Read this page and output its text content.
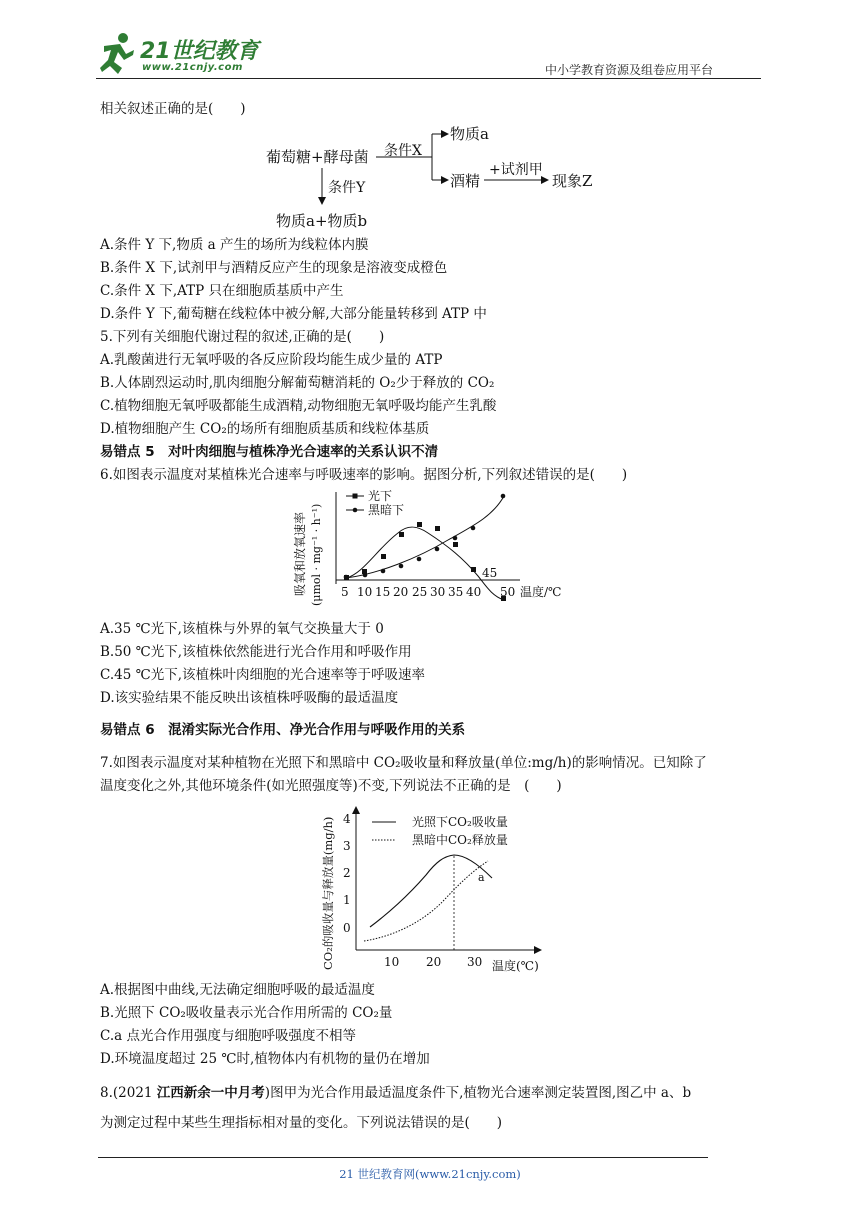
21世纪教育
www.21cnjy.com	中小学教育资源及组卷应用平台
相关叙述正确的是(　　)
葡萄糖+酵母菌 条件X
物质a
酒精
+试剂甲
现象Z
条件Y
物质a+物质b
A.条件 Y 下,物质 a 产生的场所为线粒体内膜
B.条件 X 下,试剂甲与酒精反应产生的现象是溶液变成橙色
C.条件 X 下,ATP 只在细胞质基质中产生
D.条件 Y 下,葡萄糖在线粒体中被分解,大部分能量转移到 ATP 中
5.下列有关细胞代谢过程的叙述,正确的是(　　)
A.乳酸菌进行无氧呼吸的各反应阶段均能生成少量的 ATP
B.人体剧烈运动时,肌肉细胞分解葡萄糖消耗的 O₂少于释放的 CO₂
C.植物细胞无氧呼吸都能生成酒精,动物细胞无氧呼吸均能产生乳酸
D.植物细胞产生 CO₂的场所有细胞质基质和线粒体基质
易错点 5　对叶肉细胞与植株净光合速率的关系认识不清
6.如图表示温度对某植株光合速率与呼吸速率的影响。据图分析,下列叙述错误的是(　　)
吸氧和放氧速率 (μmol · mg⁻¹ · h⁻¹)
光下
黑暗下
45
5 10 15 20 25 30 35 40 50 温度/℃
A.35 ℃光下,该植株与外界的氧气交换量大于 0
B.50 ℃光下,该植株依然能进行光合作用和呼吸作用
C.45 ℃光下,该植株叶肉细胞的光合速率等于呼吸速率
D.该实验结果不能反映出该植株呼吸酶的最适温度
易错点 6　混淆实际光合作用、净光合作用与呼吸作用的关系
7.如图表示温度对某种植物在光照下和黑暗中 CO₂吸收量和释放量(单位:mg/h)的影响情况。已知除了
温度变化之外,其他环境条件(如光照强度等)不变,下列说法不正确的是　(　　)
CO₂的吸收量与释放量(mg/h) 0
1
2
3
4
10 20 30 温度(℃)
光照下CO₂吸收量
黑暗中CO₂释放量
a
A.根据图中曲线,无法确定细胞呼吸的最适温度
B.光照下 CO₂吸收量表示光合作用所需的 CO₂量
C.a 点光合作用强度与细胞呼吸强度不相等
D.环境温度超过 25 ℃时,植物体内有机物的量仍在增加
8.(2021 江西新余一中月考)图甲为光合作用最适温度条件下,植物光合速率测定装置图,图乙中 a、b
为测定过程中某些生理指标相对量的变化。下列说法错误的是(　　)
21 世纪教育网(www.21cnjy.com)
